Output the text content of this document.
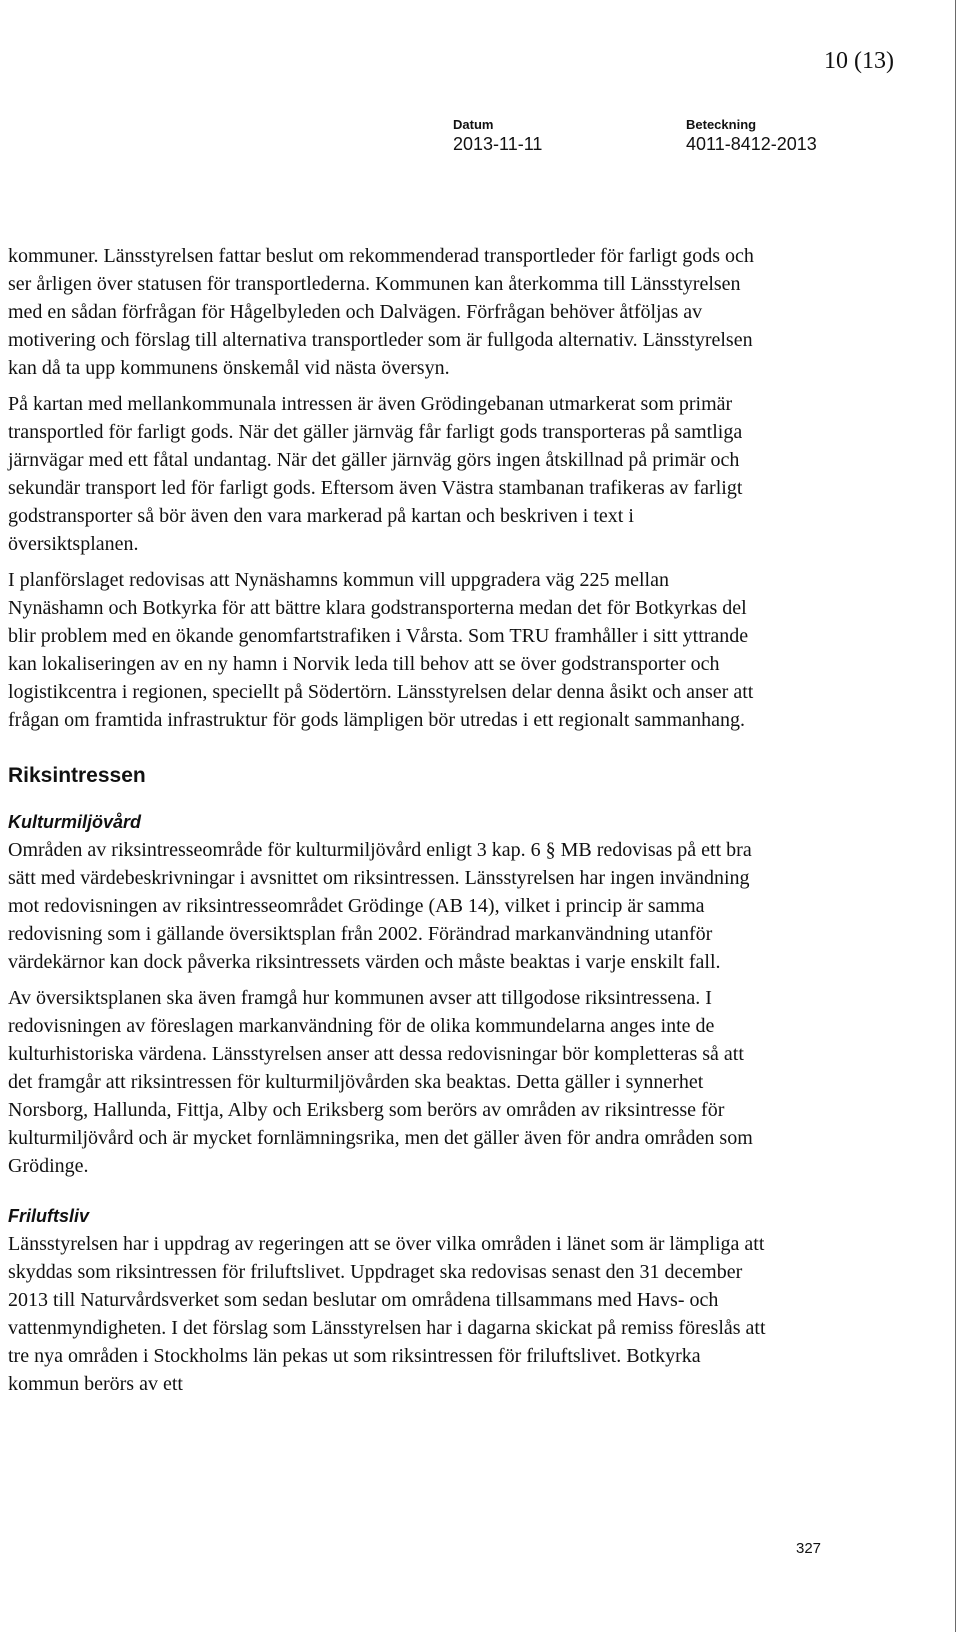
10 (13)
Datum
2013-11-11
Beteckning
4011-8412-2013

kommuner. Länsstyrelsen fattar beslut om rekommenderad transportleder för farligt gods och ser årligen över statusen för transportlederna. Kommunen kan återkomma till Länsstyrelsen med en sådan förfrågan för Hågelbyleden och Dalvägen. Förfrågan behöver åtföljas av motivering och förslag till alternativa transportleder som är fullgoda alternativ. Länsstyrelsen kan då ta upp kommunens önskemål vid nästa översyn.

På kartan med mellankommunala intressen är även Grödingebanan utmarkerat som primär transportled för farligt gods. När det gäller järnväg får farligt gods transporteras på samtliga järnvägar med ett fåtal undantag. När det gäller järnväg görs ingen åtskillnad på primär och sekundär transport led för farligt gods. Eftersom även Västra stambanan trafikeras av farligt godstransporter så bör även den vara markerad på kartan och beskriven i text i översiktsplanen.

I planförslaget redovisas att Nynäshamns kommun vill uppgradera väg 225 mellan Nynäshamn och Botkyrka för att bättre klara godstransporterna medan det för Botkyrkas del blir problem med en ökande genomfartstrafiken i Vårsta. Som TRU framhåller i sitt yttrande kan lokaliseringen av en ny hamn i Norvik leda till behov att se över godstransporter och logistikcentra i regionen, speciellt på Södertörn. Länsstyrelsen delar denna åsikt och anser att frågan om framtida infrastruktur för gods lämpligen bör utredas i ett regionalt sammanhang.

Riksintressen
Kulturmiljövård

Områden av riksintresseområde för kulturmiljövård enligt 3 kap. 6 § MB redovisas på ett bra sätt med värdebeskrivningar i avsnittet om riksintressen. Länsstyrelsen har ingen invändning mot redovisningen av riksintresseområdet Grödinge (AB 14), vilket i princip är samma redovisning som i gällande översiktsplan från 2002. Förändrad markanvändning utanför värdekärnor kan dock påverka riksintressets värden och måste beaktas i varje enskilt fall.

Av översiktsplanen ska även framgå hur kommunen avser att tillgodose riksintressena. I redovisningen av föreslagen markanvändning för de olika kommundelarna anges inte de kulturhistoriska värdena. Länsstyrelsen anser att dessa redovisningar bör kompletteras så att det framgår att riksintressen för kulturmiljövården ska beaktas. Detta gäller i synnerhet Norsborg, Hallunda, Fittja, Alby och Eriksberg som berörs av områden av riksintresse för kulturmiljövård och är mycket fornlämningsrika, men det gäller även för andra områden som Grödinge.

Friluftsliv

Länsstyrelsen har i uppdrag av regeringen att se över vilka områden i länet som är lämpliga att skyddas som riksintressen för friluftslivet. Uppdraget ska redovisas senast den 31 december 2013 till Naturvårdsverket som sedan beslutar om områdena tillsammans med Havs- och vattenmyndigheten. I det förslag som Länsstyrelsen har i dagarna skickat på remiss föreslås att tre nya områden i Stockholms län pekas ut som riksintressen för friluftslivet. Botkyrka kommun berörs av ett

327
